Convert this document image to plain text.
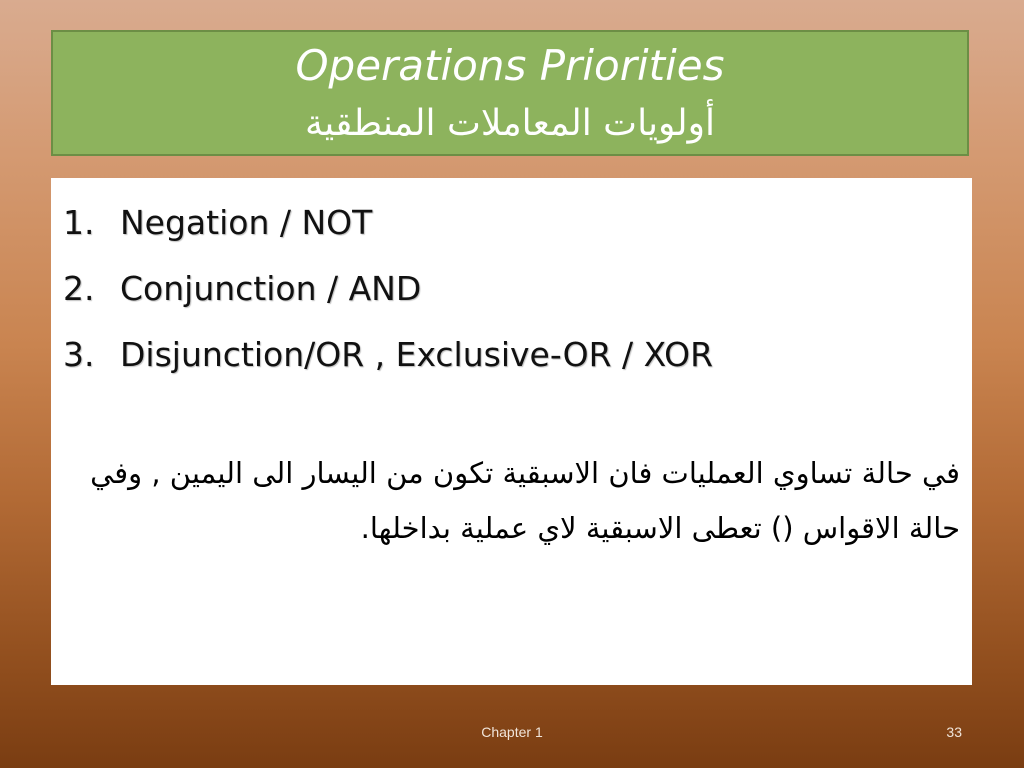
Operations Priorities
أولويات المعاملات المنطقية
1. Negation / NOT
2. Conjunction / AND
3. Disjunction/OR , Exclusive-OR / XOR

في حالة تساوي العمليات فان الاسبقية تكون من اليسار الى اليمين , وفي حالة الاقواس () تعطى الاسبقية لاي عملية بداخلها.

Chapter 1	33
